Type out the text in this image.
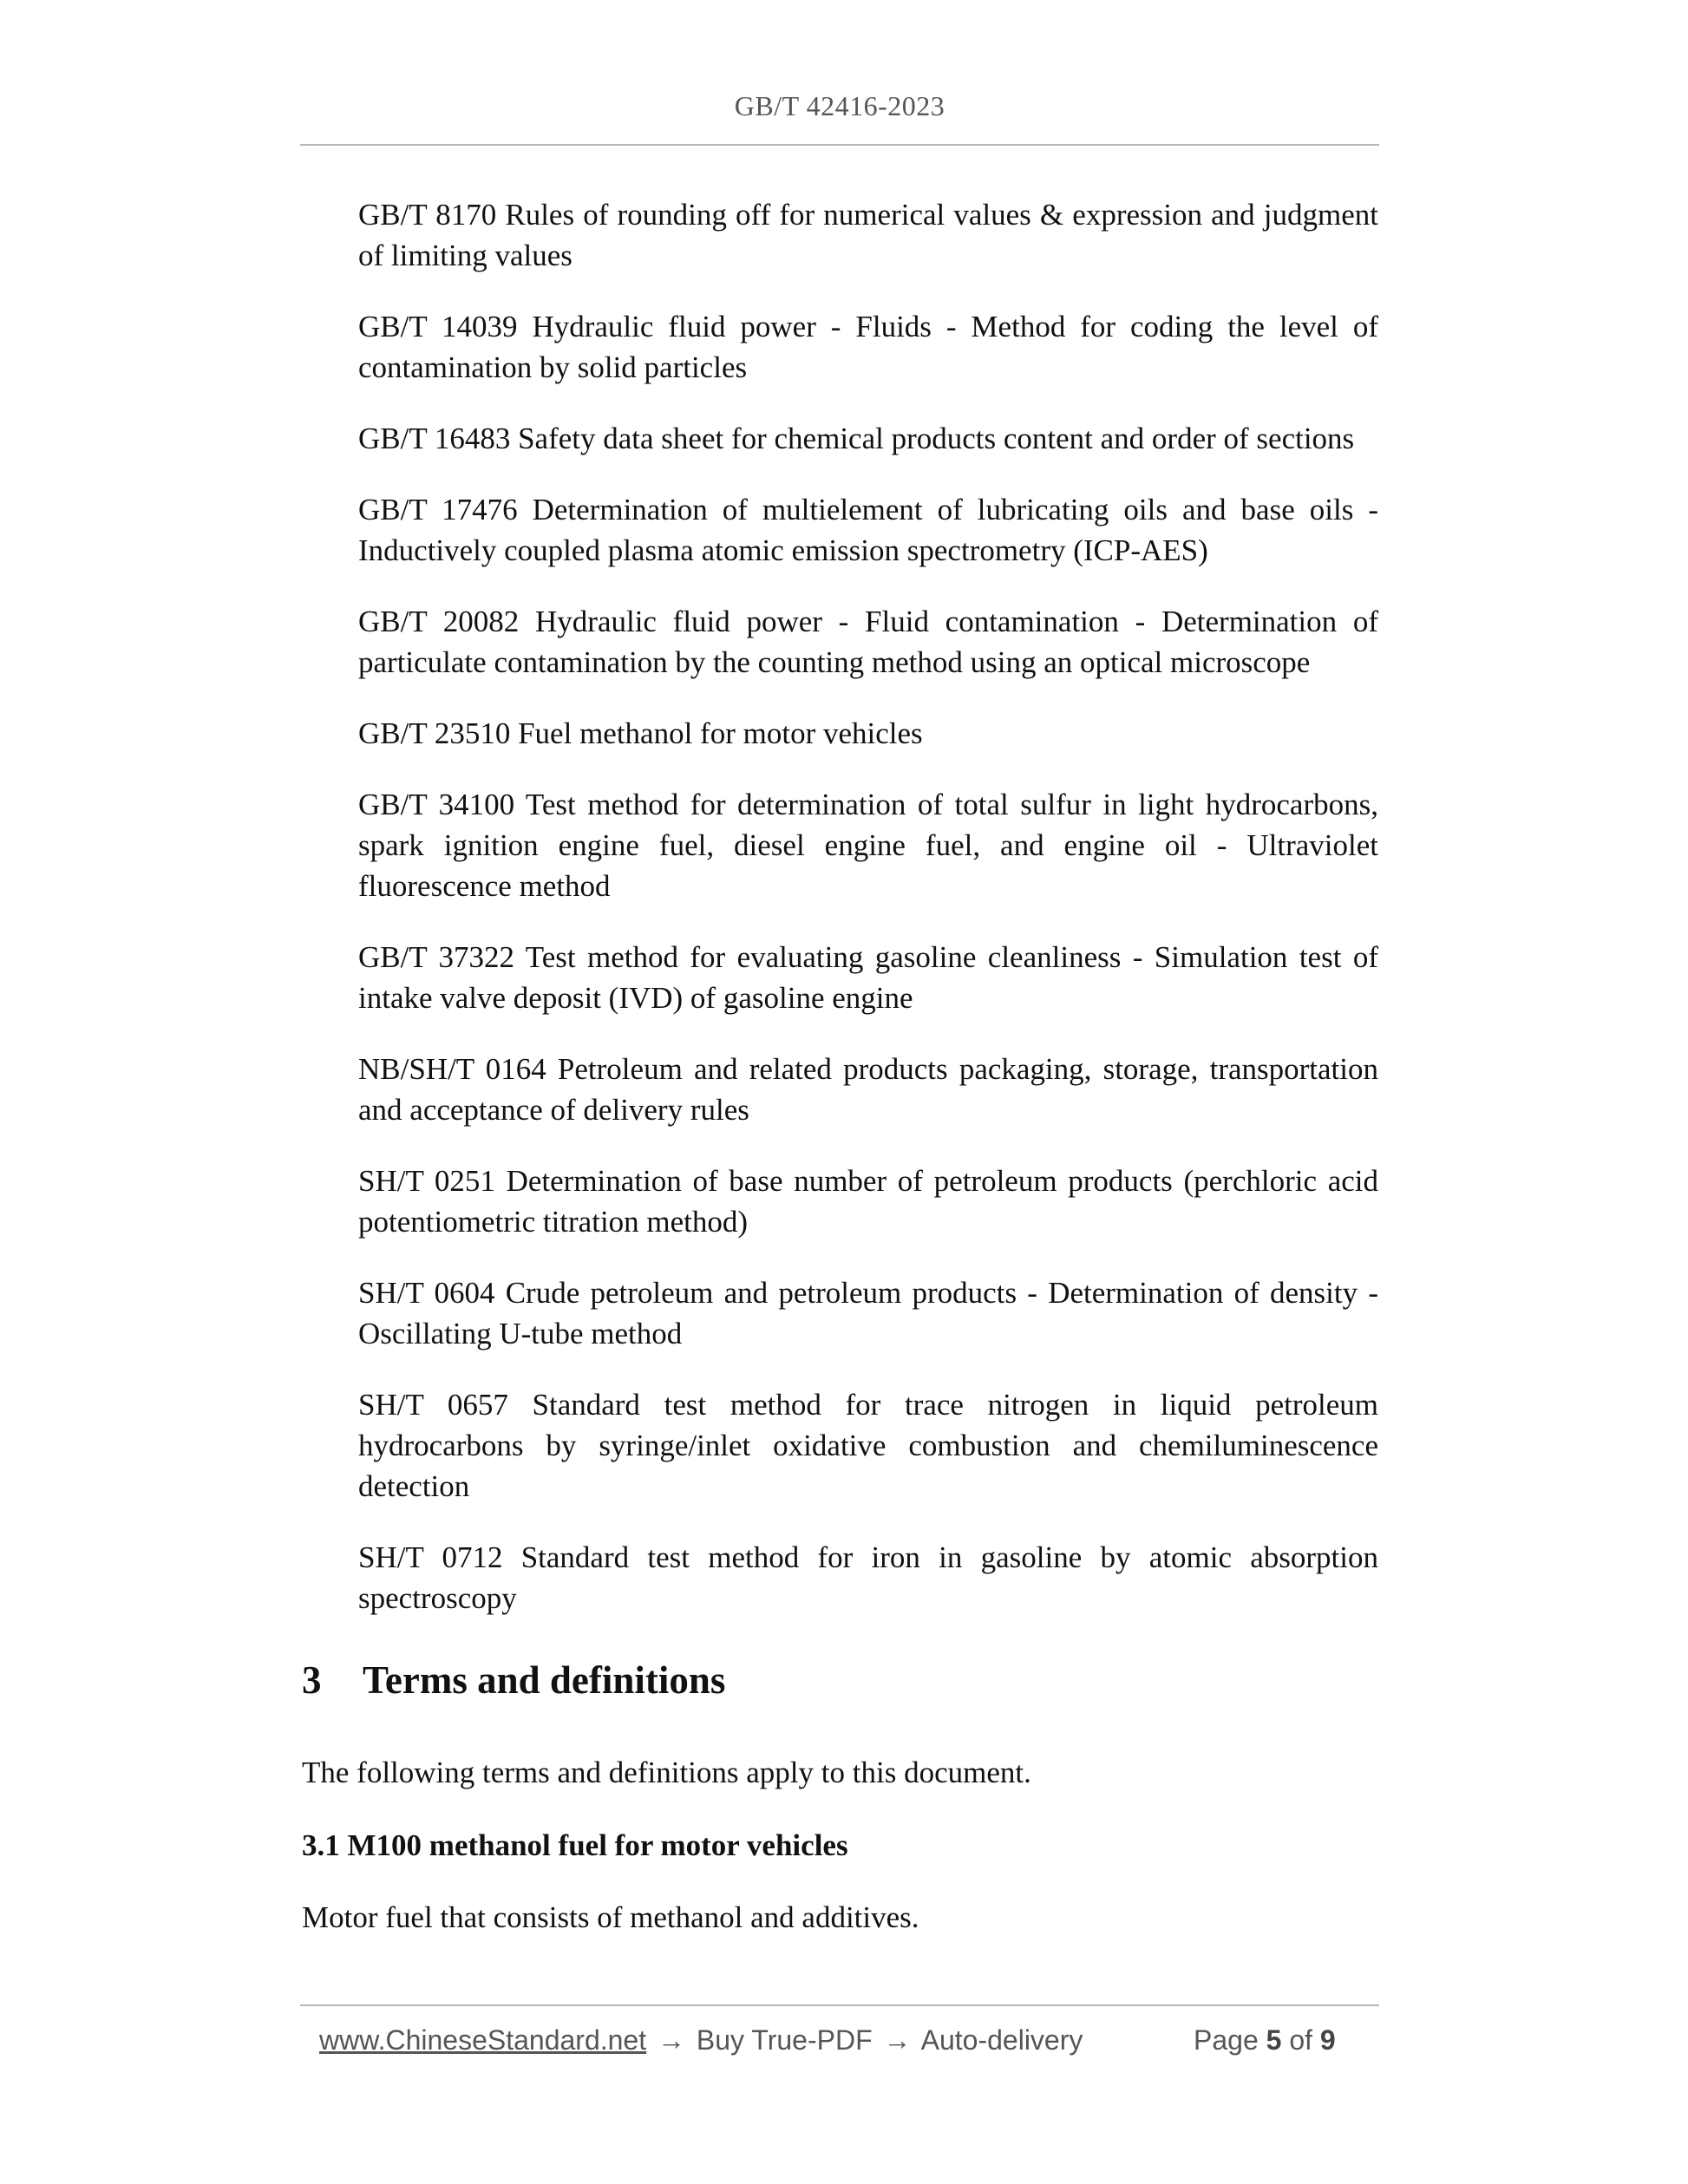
GB/T 42416-2023
GB/T 8170 Rules of rounding off for numerical values & expression and judgment of limiting values
GB/T 14039 Hydraulic fluid power - Fluids - Method for coding the level of contamination by solid particles
GB/T 16483 Safety data sheet for chemical products content and order of sections
GB/T 17476 Determination of multielement of lubricating oils and base oils - Inductively coupled plasma atomic emission spectrometry (ICP-AES)
GB/T 20082 Hydraulic fluid power - Fluid contamination - Determination of particulate contamination by the counting method using an optical microscope
GB/T 23510 Fuel methanol for motor vehicles
GB/T 34100 Test method for determination of total sulfur in light hydrocarbons, spark ignition engine fuel, diesel engine fuel, and engine oil - Ultraviolet fluorescence method
GB/T 37322 Test method for evaluating gasoline cleanliness - Simulation test of intake valve deposit (IVD) of gasoline engine
NB/SH/T 0164 Petroleum and related products packaging, storage, transportation and acceptance of delivery rules
SH/T 0251 Determination of base number of petroleum products (perchloric acid potentiometric titration method)
SH/T 0604 Crude petroleum and petroleum products - Determination of density - Oscillating U-tube method
SH/T 0657 Standard test method for trace nitrogen in liquid petroleum hydrocarbons by syringe/inlet oxidative combustion and chemiluminescence detection
SH/T 0712 Standard test method for iron in gasoline by atomic absorption spectroscopy
3 Terms and definitions

The following terms and definitions apply to this document.

3.1 M100 methanol fuel for motor vehicles

Motor fuel that consists of methanol and additives.

www.ChineseStandard.net → Buy True-PDF → Auto-delivery	Page 5 of 9
